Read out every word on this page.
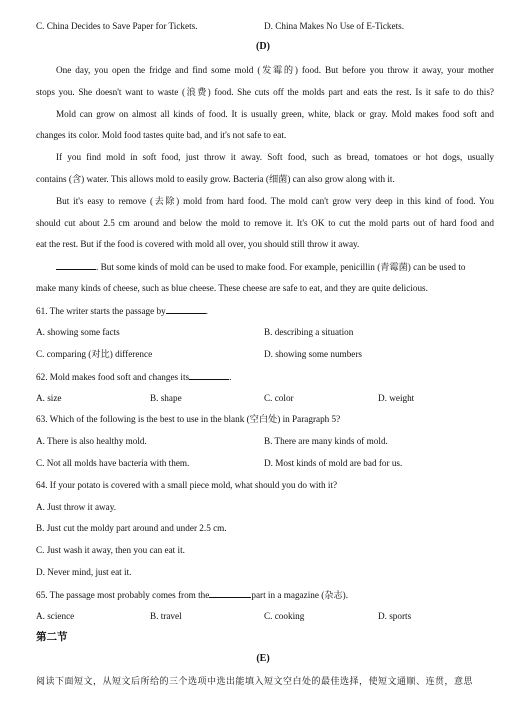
C. China Decides to Save Paper for Tickets.	D. China Makes No Use of E-Tickets.
(D)
One day, you open the fridge and find some mold (发霉的) food. But before you throw it away, your mother
stops you. She doesn't want to waste (浪费) food. She cuts off the molds part and eats the rest. Is it safe to do this?
Mold can grow on almost all kinds of food. It is usually green, white, black or gray. Mold makes food soft and
changes its color. Mold food tastes quite bad, and it's not safe to eat.
If you find mold in soft food, just throw it away. Soft food, such as bread, tomatoes or hot dogs, usually
contains (含) water. This allows mold to easily grow. Bacteria (细菌) can also grow along with it.
But it's easy to remove (去除) mold from hard food. The mold can't grow very deep in this kind of food. You
should cut about 2.5 cm around and below the mold to remove it. It's OK to cut the mold parts out of hard food and
eat the rest. But if the food is covered with mold all over, you should still throw it away.
. But some kinds of mold can be used to make food. For example, penicillin (青霉菌) can be used to
make many kinds of cheese, such as blue cheese. These cheese are safe to eat, and they are quite delicious.
61. The writer starts the passage by	.
A. showing some facts	B. describing a situation
C. comparing (对比) difference	D. showing some numbers
62. Mold makes food soft and changes its	.
A. size	B. shape	C. color	D. weight
63. Which of the following is the best to use in the blank (空白处) in Paragraph 5?
A. There is also healthy mold.	B. There are many kinds of mold.
C. Not all molds have bacteria with them.	D. Most kinds of mold are bad for us.
64. If your potato is covered with a small piece mold, what should you do with it?
A. Just throw it away.
B. Just cut the moldy part around and under 2.5 cm.
C. Just wash it away, then you can eat it.
D. Never mind, just eat it.
65. The passage most probably comes from the	part in a magazine (杂志).
A. science	B. travel	C. cooking	D. sports
第二节
(E)
阅读下面短文，从短文后所给的三个选项中选出能填入短文空白处的最佳选择，使短文通顺、连贯，意思
